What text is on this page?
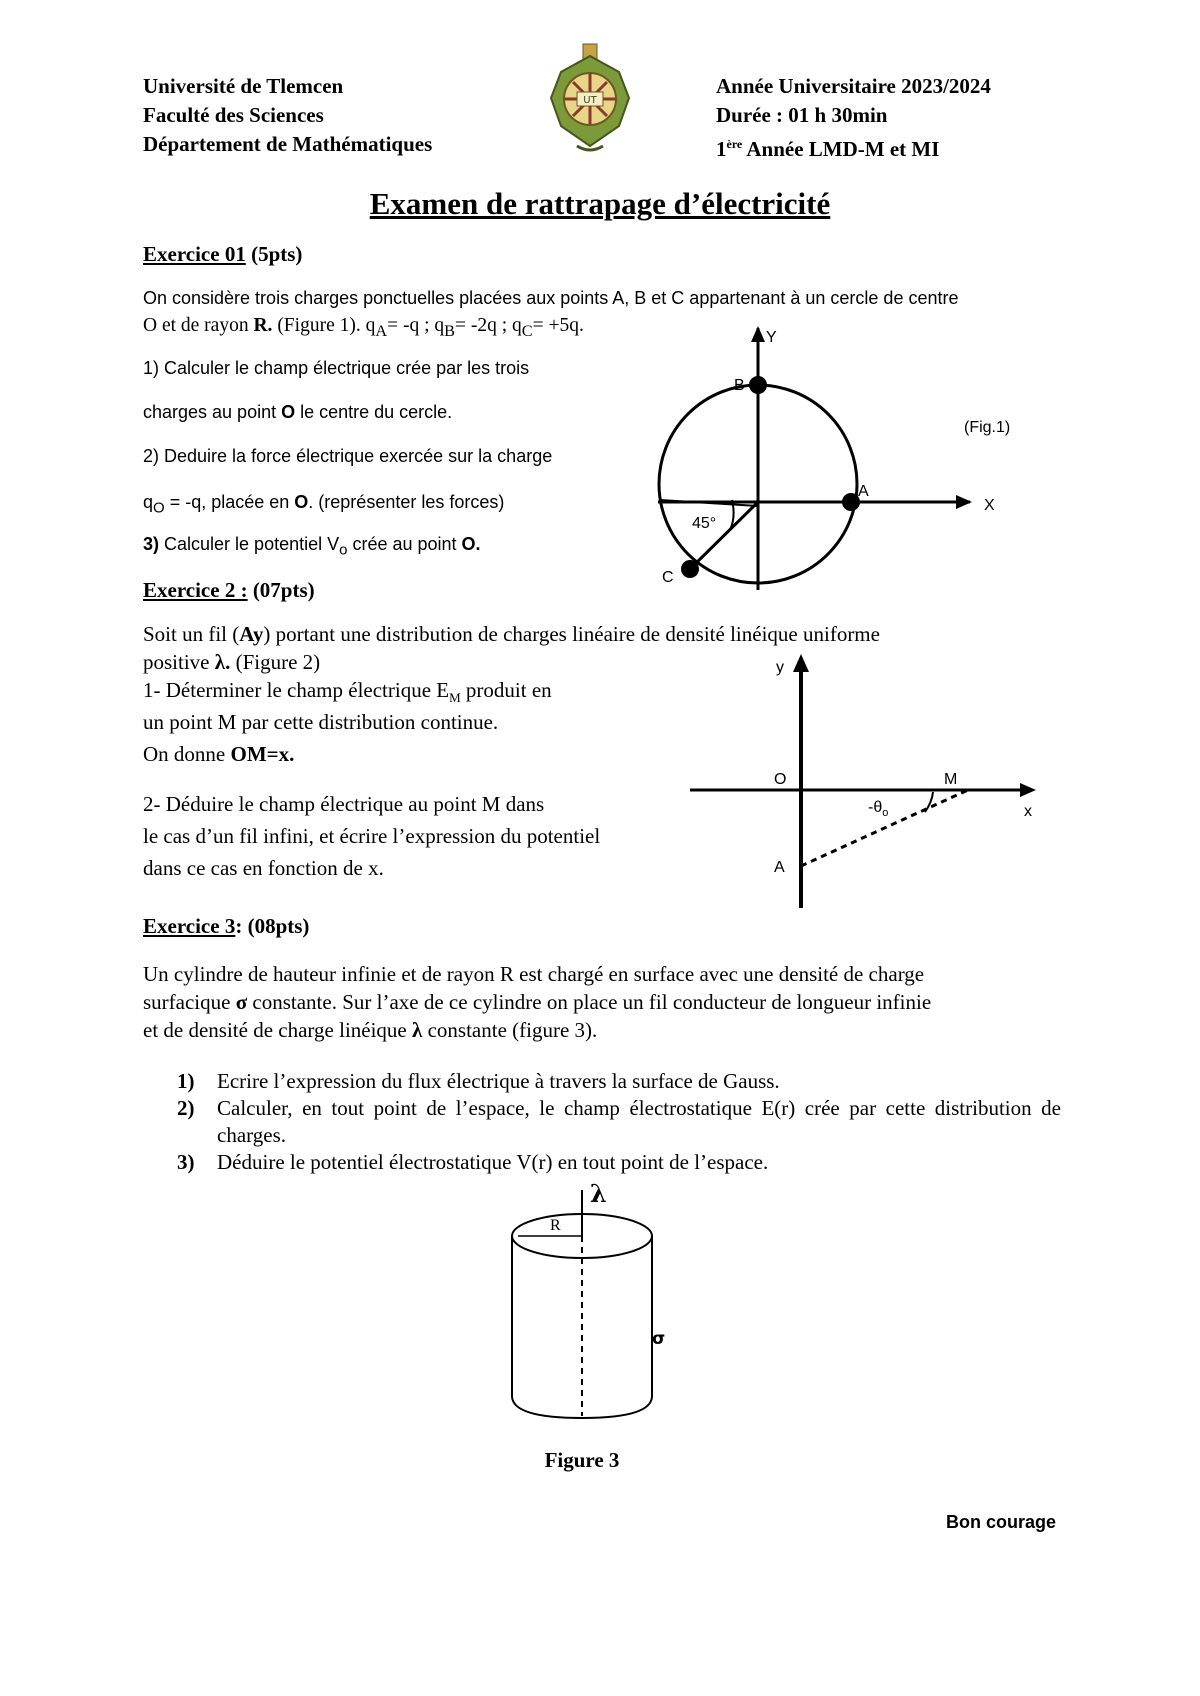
Université de Tlemcen
Faculté des Sciences
Département de Mathématiques
UT
Année Universitaire 2023/2024
Durée : 01 h 30min
1ère Année LMD-M et MI
Examen de rattrapage d’électricité
Exercice 01 (5pts)
On considère trois charges ponctuelles placées aux points A, B et C appartenant à un cercle de centre
O et de rayon R. (Figure 1). $q_A= -q$ ; $q_B= -2q$ ; $q_C= +5q$.
1) Calculer le champ électrique crée par les trois
charges au point O le centre du cercle.
2) Deduire la force électrique exercée sur la charge
$q_O = -q$, placée en O. (représenter les forces)
3) Calculer le potentiel $V_o$ crée au point O.
Y
X
A
B
C
45°
(Fig.1)
Exercice 2 : (07pts)
Soit un fil (Ay) portant une distribution de charges linéaire de densité linéique uniforme
positive λ. (Figure 2)
1- Déterminer le champ électrique $E_M$ produit en
un point M par cette distribution continue.
On donne OM=x.
2- Déduire le champ électrique au point M dans
le cas d’un fil infini, et écrire l’expression du potentiel
dans ce cas en fonction de x.
y
x
O	M
A
$-\theta_o$
Exercice 3: (08pts)
Un cylindre de hauteur infinie et de rayon R est chargé en surface avec une densité de charge
surfacique σ constante. Sur l’axe de ce cylindre on place un fil conducteur de longueur infinie
et de densité de charge linéique λ constante (figure 3).
1) Ecrire l’expression du flux électrique à travers la surface de Gauss.
2) Calculer, en tout point de l’espace, le champ électrostatique E(r) crée par cette distribution de charges.
3) Déduire le potentiel électrostatique V(r) en tout point de l’espace.
λ
R
σ
Figure 3
Bon courage
